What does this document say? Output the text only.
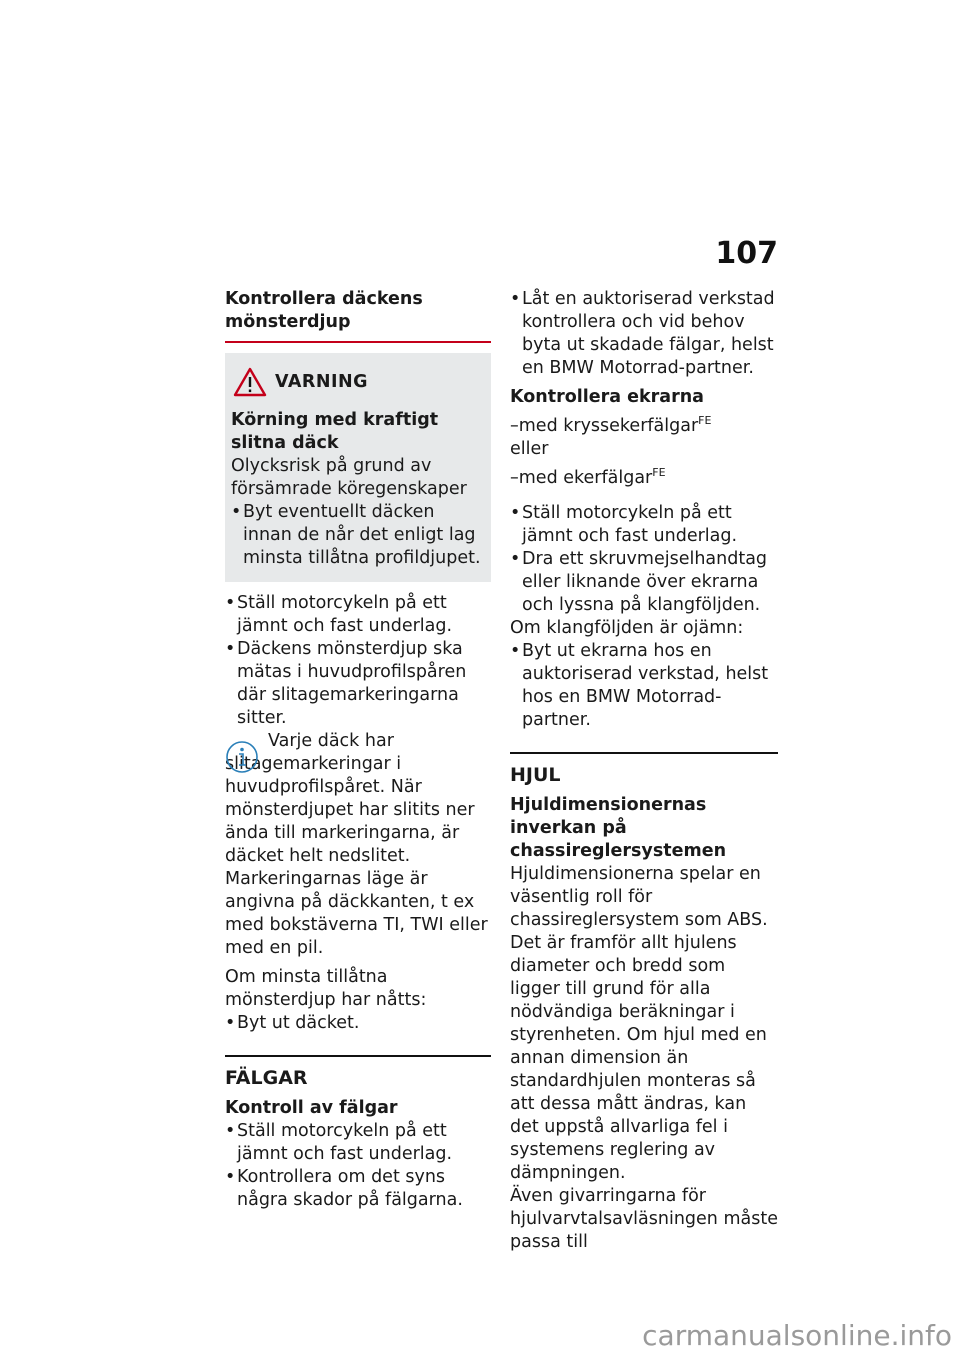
107

Kontrollera däckens mönsterdjup

VARNING

Körning med kraftigt slitna däck

Olycksrisk på grund av försämrade köregenskaper

• Byt eventuellt däcken innan de når det enligt lag minsta tillåtna profildjupet.
• Ställ motorcykeln på ett jämnt och fast underlag.
• Däckens mönsterdjup ska mätas i huvudprofilspåren där slitagemarkeringarna sitter.

Varje däck har slitagemarkeringar i huvudprofilspåret. När mönsterdjupet har slitits ner ända till markeringarna, är däcket helt nedslitet. Markeringarnas läge är angivna på däckkanten, t ex med bokstäverna TI, TWI eller med en pil.

Om minsta tillåtna mönsterdjup har nåtts:

• Byt ut däcket.

FÄLGAR

Kontroll av fälgar

• Ställ motorcykeln på ett jämnt och fast underlag.
• Kontrollera om det syns några skador på fälgarna.
• Låt en auktoriserad verkstad kontrollera och vid behov byta ut skadade fälgar, helst en BMW Motorrad-partner.

Kontrollera ekrarna

–med kryssekerfälgar$^{FE}$
eller
–med ekerfälgar$^{FE}$
• Ställ motorcykeln på ett jämnt och fast underlag.
• Dra ett skruvmejselhandtag eller liknande över ekrarna och lyssna på klangföljden.

Om klangföljden är ojämn:

• Byt ut ekrarna hos en auktoriserad verkstad, helst hos en BMW Motorrad-partner.

HJUL

Hjuldimensionernas inverkan på chassireglersystemen

Hjuldimensionerna spelar en väsentlig roll för chassireglersystem som ABS. Det är framför allt hjulens diameter och bredd som ligger till grund för alla nödvändiga beräkningar i styrenheten. Om hjul med en annan dimension än standardhjulen monteras så att dessa mått ändras, kan det uppstå allvarliga fel i systemens reglering av dämpningen.

Även givarringarna för hjulvarvtalsavläsningen måste passa till

carmanualsonline.info
